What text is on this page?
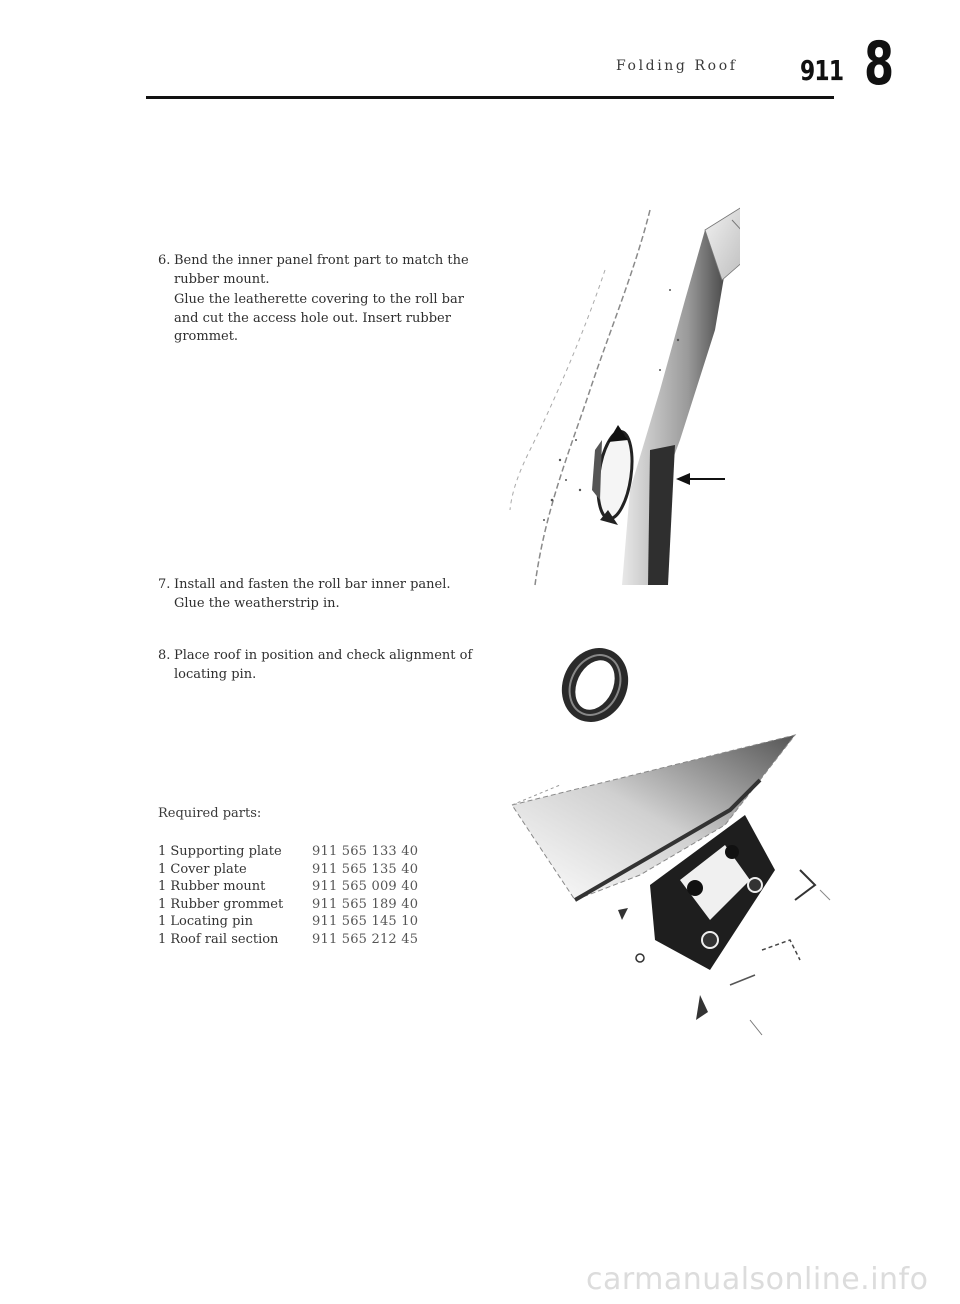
Folding Roof 911 8
6. Bend the inner panel front part to match the rubber mount.

Glue the leatherette covering to the roll bar and cut the access hole out. Insert rubber grommet.

7. Install and fasten the roll bar inner panel.

Glue the weatherstrip in.

8. Place roof in position and check alignment of locating pin.

Required parts:
1 Supporting plate	911 565 133 40
1 Cover plate	911 565 135 40
1 Rubber mount	911 565 009 40
1 Rubber grommet	911 565 189 40
1 Locating pin	911 565 145 10
1 Roof rail section	911 565 212 45
carmanualsonline.info
